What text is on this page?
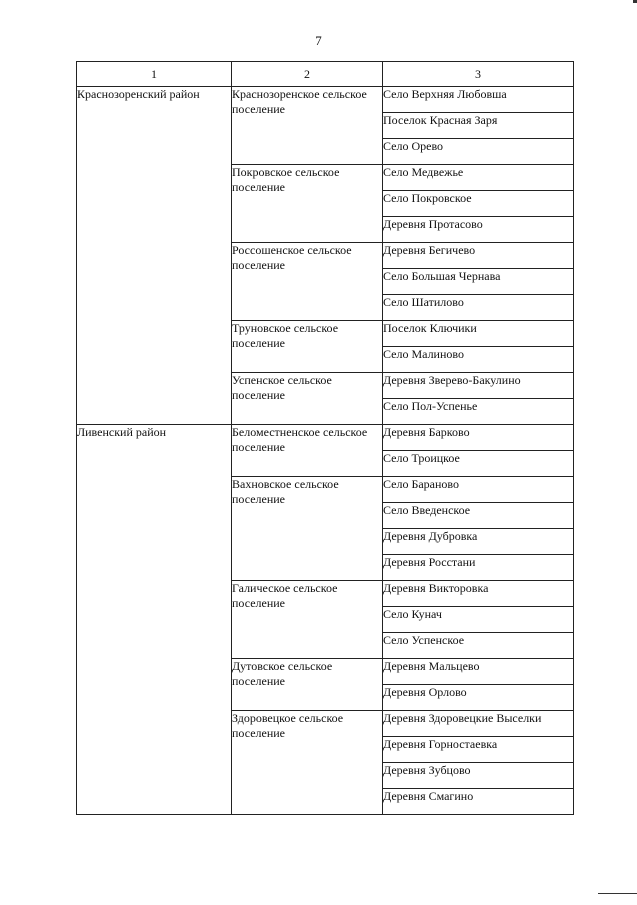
7
1	2	3
Краснозоренский район	Краснозоренское сельское поселение	Село Верхняя Любовша
		Поселок Красная Заря
		Село Орево
	Покровское сельское поселение	Село Медвежье
		Село Покровское
		Деревня Протасово
	Россошенское сельское поселение	Деревня Бегичево
		Село Большая Чернава
		Село Шатилово
	Труновское сельское поселение	Поселок Ключики
		Село Малиново
	Успенское сельское поселение	Деревня Зверево-Бакулино
		Село Пол-Успенье
Ливенский район	Беломестненское сельское поселение	Деревня Барково
		Село Троицкое
	Вахновское сельское поселение	Село Бараново
		Село Введенское
		Деревня Дубровка
		Деревня Росстани
	Галическое сельское поселение	Деревня Викторовка
		Село Кунач
		Село Успенское
	Дутовское сельское поселение	Деревня Мальцево
		Деревня Орлово
	Здоровецкое сельское поселение	Деревня Здоровецкие Выселки
		Деревня Горностаевка
		Деревня Зубцово
		Деревня Смагино
